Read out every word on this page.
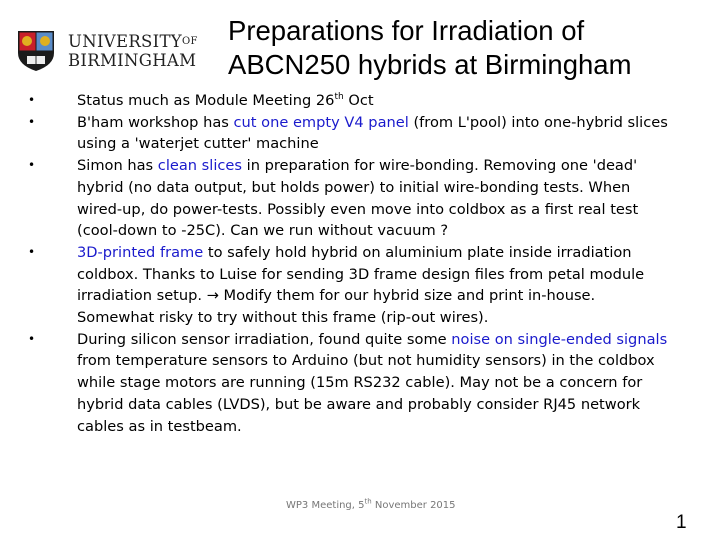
$UNIVERSITY^{OF}$
BIRMINGHAM
Preparations for Irradiation of
ABCN250 hybrids at Birmingham
•	Status much as Module Meeting 26th Oct
•	B'ham workshop has cut one empty V4 panel (from L'pool) into one-hybrid slices using a 'waterjet cutter' machine
•	Simon has clean slices in preparation for wire-bonding. Removing one 'dead' hybrid (no data output, but holds power) to initial wire-bonding tests. When wired-up, do power-tests. Possibly even move into coldbox as a first real test (cool-down to -25C). Can we run without vacuum ?
•	3D-printed frame to safely hold hybrid on aluminium plate inside irradiation coldbox. Thanks to Luise for sending 3D frame design files from petal module irradiation setup. → Modify them for our hybrid size and print in-house. Somewhat risky to try without this frame (rip-out wires).
•	During silicon sensor irradiation, found quite some noise on single-ended signals from temperature sensors to Arduino (but not humidity sensors) in the coldbox while stage motors are running (15m RS232 cable). May not be a concern for hybrid data cables (LVDS), but be aware and probably consider RJ45 network cables as in testbeam.
WP3 Meeting, 5th November 2015
1
